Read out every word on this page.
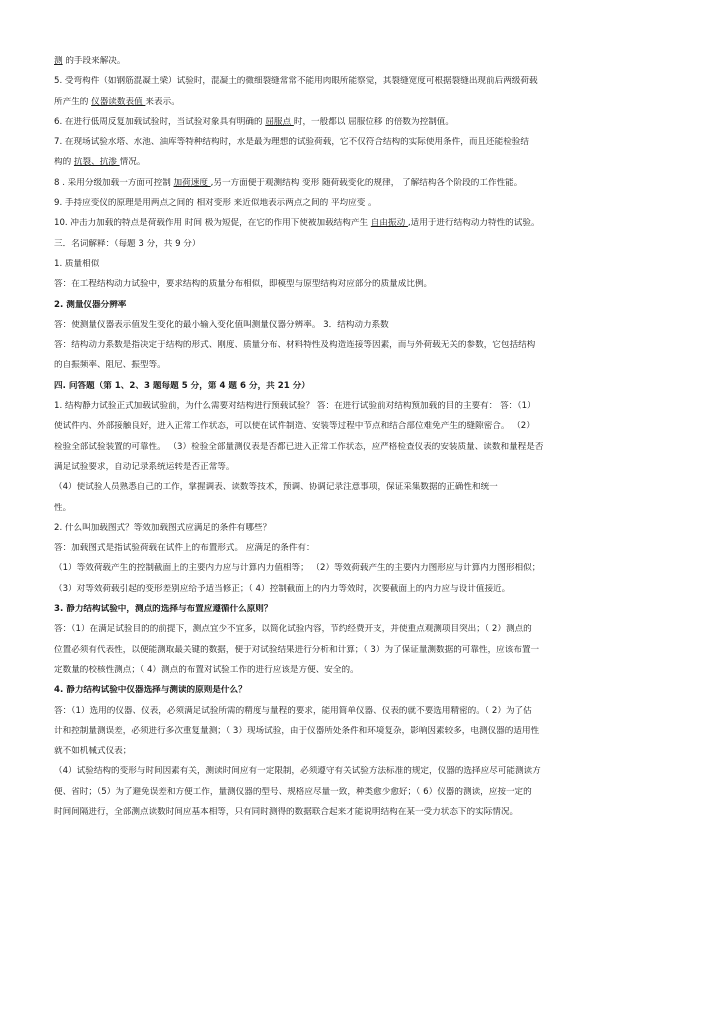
测 的手段来解决。
5. 受弯构件（如钢筋混凝土梁）试验时，混凝土的微细裂缝常常不能用肉眼所能察觉，其裂缝宽度可根据裂缝出现前后两级荷载
所产生的 仪器读数表值 来表示。
6. 在进行低周反复加载试验时，当试验对象具有明确的 屈服点 时，一般都以 屈服位移 的倍数为控制值。
7. 在现场试验水塔、水池、油库等特种结构时，水是最为理想的试验荷载，它不仅符合结构的实际使用条件，而且还能检验结
构的 抗裂、抗渗 情况。
8 . 采用分级加载一方面可控制 加荷速度 ,另一方面便于观测结构 变形 随荷载变化的规律， 了解结构各个阶段的工作性能。
9. 手持应变仪的原理是用两点之间的 相对变形 来近似地表示两点之间的 平均应变 。
10. 冲击力加载的特点是荷载作用 时间 极为短促，在它的作用下使被加载结构产生 自由振动 ,适用于进行结构动力特性的试验。
三．名词解释：（每题 3 分，共 9 分）
1. 质量相似
答：在工程结构动力试验中，要求结构的质量分布相似，即模型与原型结构对应部分的质量成比例。
2. 测量仪器分辨率
答：使测量仪器表示值发生变化的最小输入变化值叫测量仪器分辨率。 3．结构动力系数
答：结构动力系数是指决定于结构的形式、刚度、质量分布、材料特性及构造连接等因素，而与外荷载无关的参数，它包括结构
的自振频率、阻尼、振型等。
四. 问答题（第 1、2、3 题每题 5 分，第 4 题 6 分，共 21 分）
1. 结构静力试验正式加载试验前，为什么需要对结构进行预载试验？ 答：在进行试验前对结构预加载的目的主要有： 答：（1）
使试件内、外部接触良好，进入正常工作状态，可以使在试件制造、安装等过程中节点和结合部位难免产生的缝隙密合。 （2）
检验全部试验装置的可靠性。 （3）检验全部量测仪表是否都已进入正常工作状态，应严格检查仪表的安装质量、读数和量程是否
满足试验要求，自动记录系统运转是否正常等。
（4）使试验人员熟悉自己的工作，掌握调表、读数等技术，预调、协调记录注意事项，保证采集数据的正确性和统一
性。
2. 什么叫加载图式？等效加载图式应满足的条件有哪些？
答：加载图式是指试验荷载在试件上的布置形式。 应满足的条件有：
（1）等效荷载产生的控制截面上的主要内力应与计算内力值相等； （2）等效荷载产生的主要内力图形应与计算内力图形相似；
（3）对等效荷载引起的变形差别应给予适当修正；（ 4）控制截面上的内力等效时，次要截面上的内力应与设计值接近。
3. 静力结构试验中，测点的选择与布置应遵循什么原则？
答：（1）在满足试验目的的前提下，测点宜少不宜多，以简化试验内容，节约经费开支，并使重点观测项目突出；（ 2）测点的
位置必须有代表性，以便能测取最关键的数据，便于对试验结果进行分析和计算；（ 3）为了保证量测数据的可靠性，应该布置一
定数量的校核性测点；（ 4）测点的布置对试验工作的进行应该是方便、安全的。
4. 静力结构试验中仪器选择与测读的原则是什么？
答：（1）选用的仪器、仪表，必须满足试验所需的精度与量程的要求，能用简单仪器、仪表的就不要选用精密的。（ 2）为了估
计和控制量测误差，必须进行多次重复量测；（ 3）现场试验，由于仪器所处条件和环境复杂，影响因素较多，电测仪器的适用性
就不如机械式仪表；
（4）试验结构的变形与时间因素有关，测读时间应有一定限制，必须遵守有关试验方法标准的规定，仪器的选择应尽可能测读方
便、省时；（5）为了避免误差和方便工作，量测仪器的型号、规格应尽量一致，种类愈少愈好；（ 6）仪器的测读，应按一定的
时间间隔进行，全部测点读数时间应基本相等，只有同时测得的数据联合起来才能说明结构在某一受力状态下的实际情况。
